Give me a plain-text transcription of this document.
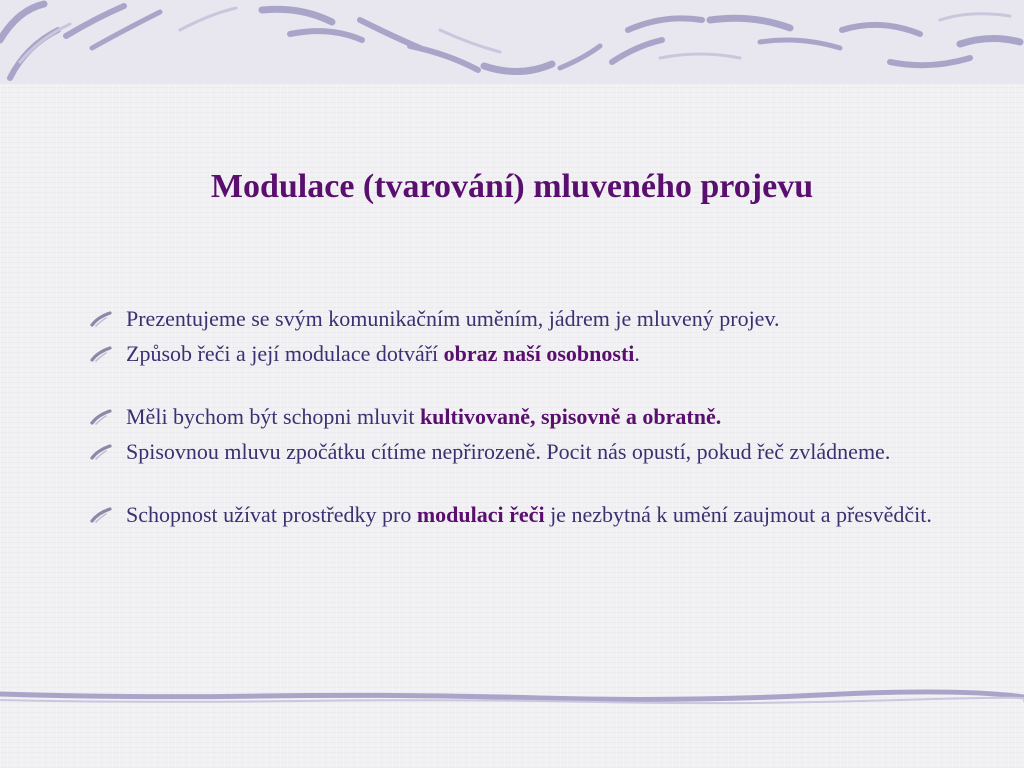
Modulace (tvarování) mluveného projevu
Prezentujeme se svým komunikačním uměním, jádrem je mluvený projev.
Způsob řeči a její modulace dotváří obraz naší osobnosti.
Měli bychom být schopni mluvit kultivovaně, spisovně a obratně.
Spisovnou mluvu zpočátku cítíme nepřirozeně. Pocit nás opustí, pokud řeč zvládneme.
Schopnost užívat prostředky pro modulaci řeči je nezbytná k umění zaujmout a přesvědčit.
